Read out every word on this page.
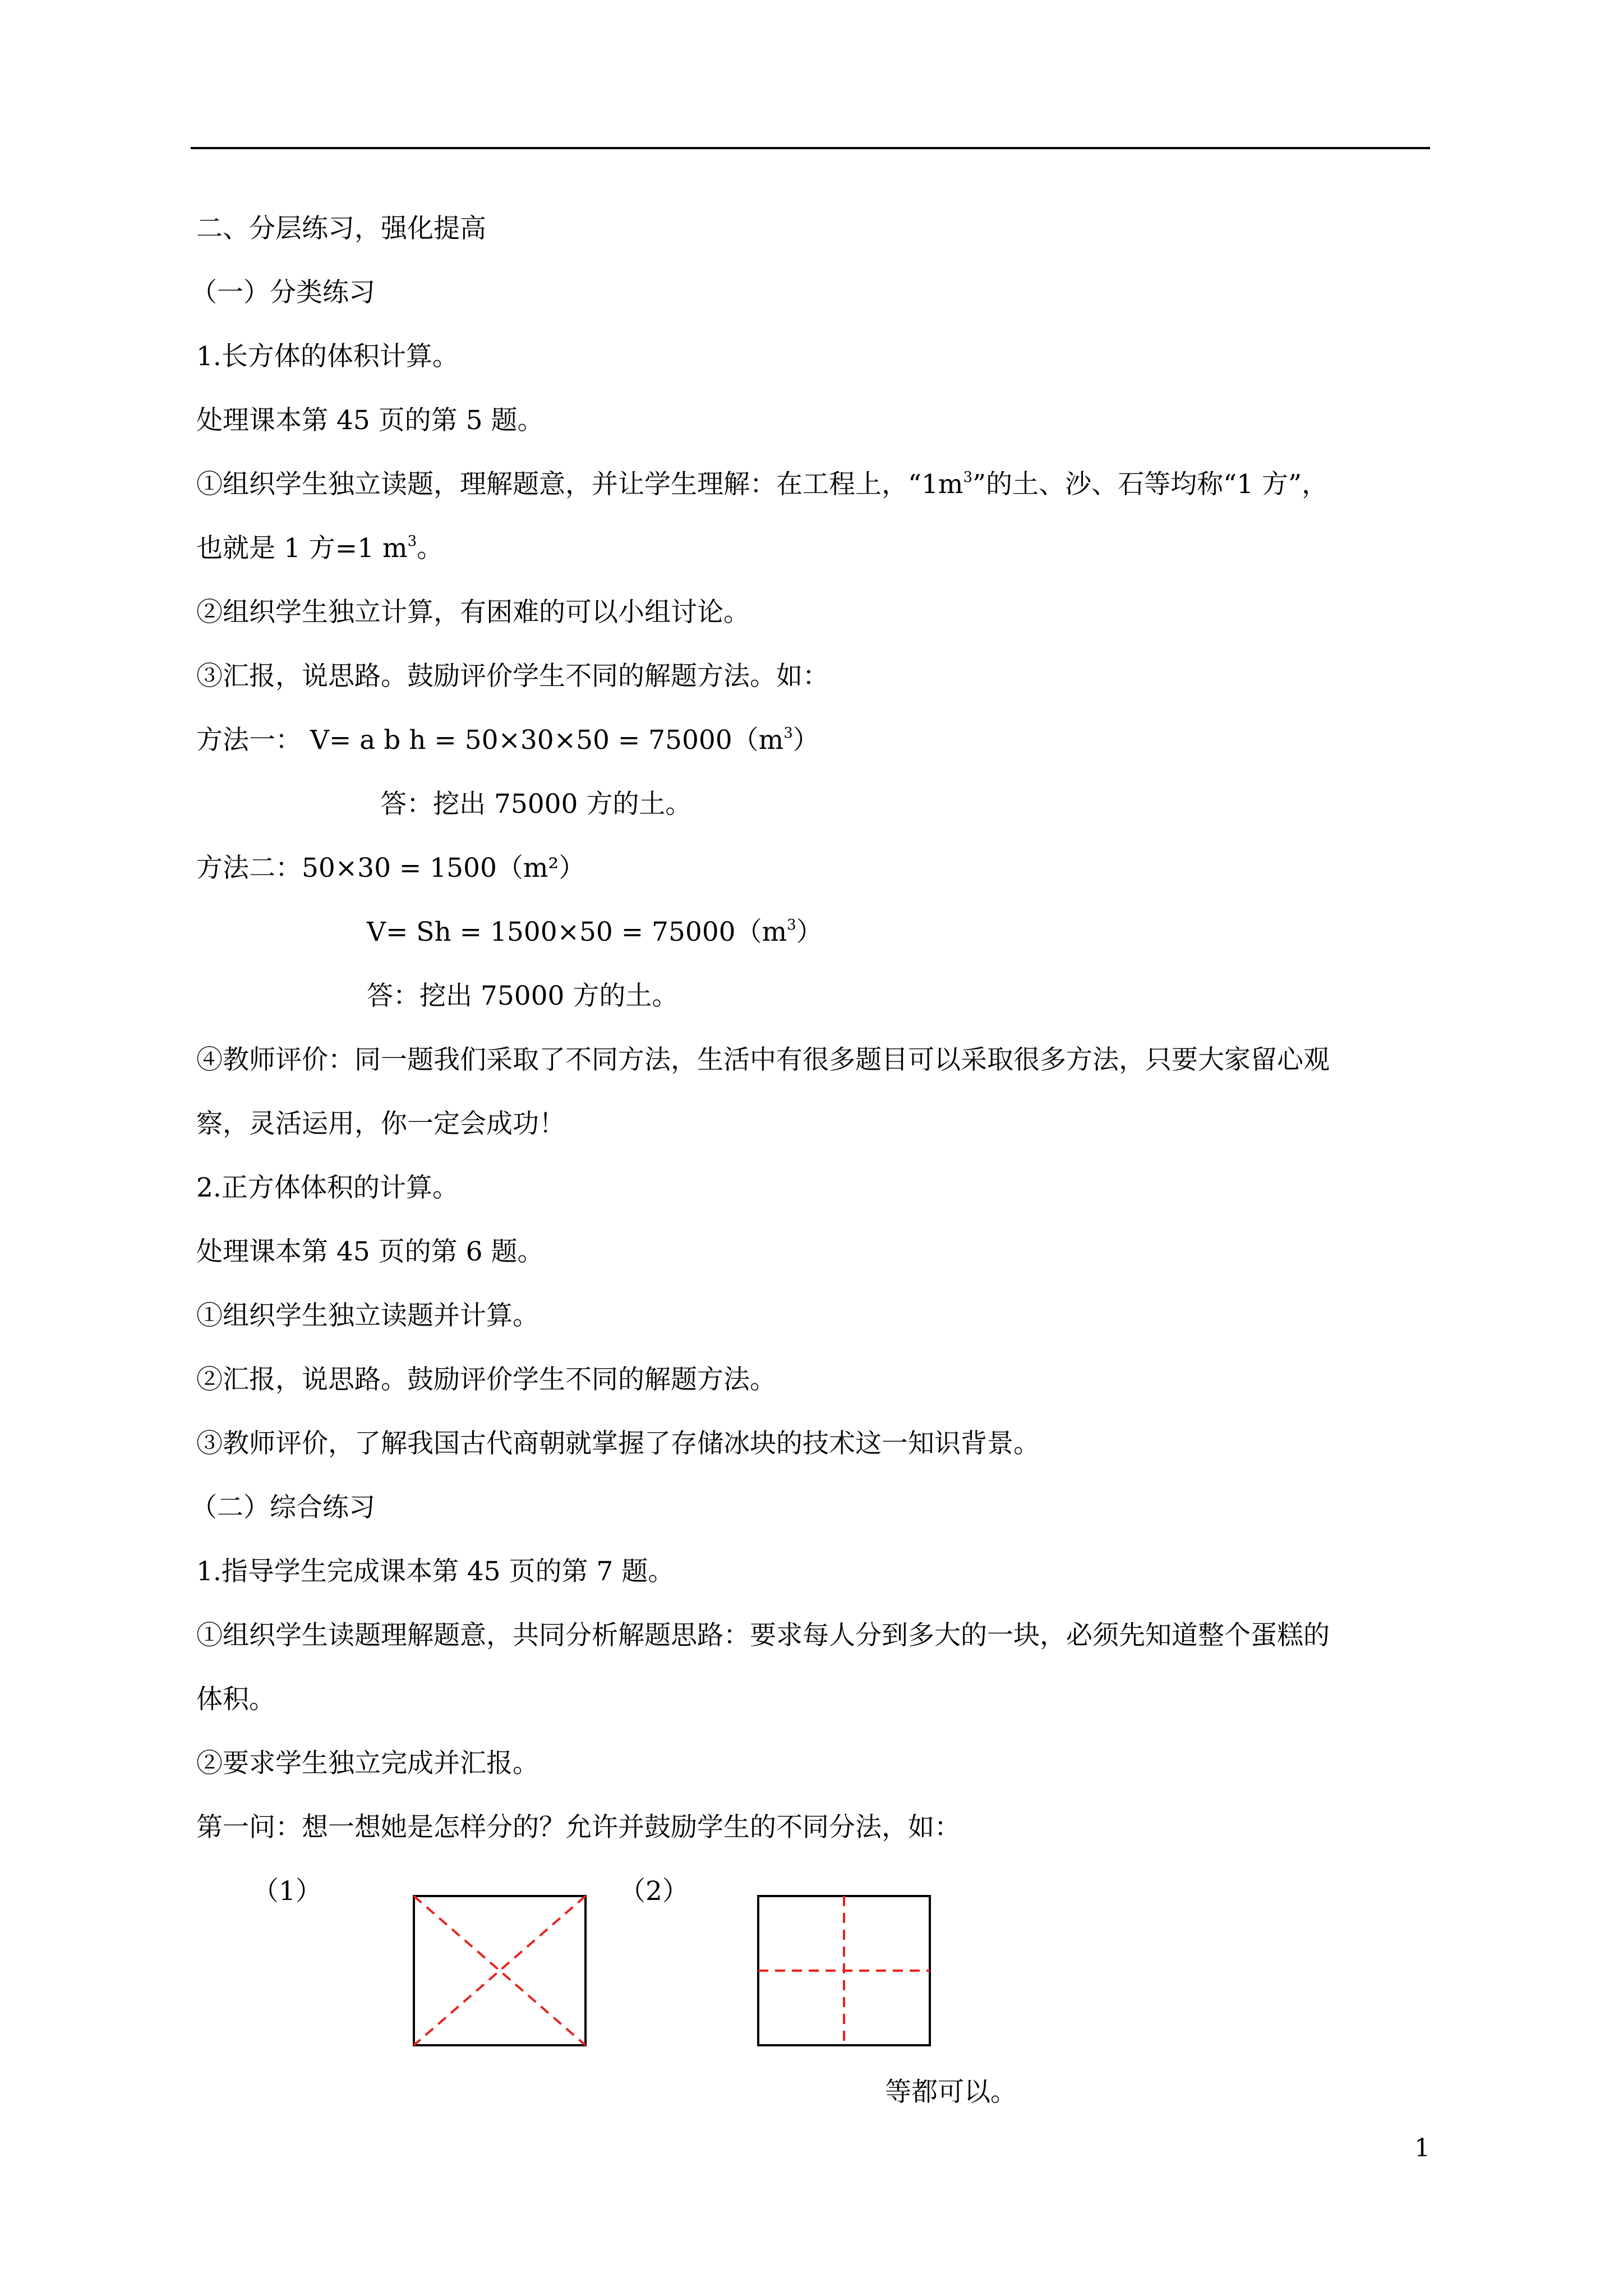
二、分层练习，强化提高
（一）分类练习
1.长方体的体积计算。
处理课本第 45 页的第 5 题。
①组织学生独立读题，理解题意，并让学生理解：在工程上，“$1m^3$”的土、沙、石等均称“1 方”，
也就是 1 方=1 $m^3$。
②组织学生独立计算，有困难的可以小组讨论。
③汇报，说思路。鼓励评价学生不同的解题方法。如：
方法一： V= a b $h = 50\times 30\times 50 = 75000(m^3)$
答：挖出 75000 方的土。
方法二：50×30 = 1500（m²）
$V= Sh = 1500\times 50 = 75000(m^3)$
答：挖出 75000 方的土。
④教师评价：同一题我们采取了不同方法，生活中有很多题目可以采取很多方法，只要大家留心观
察，灵活运用，你一定会成功！
2.正方体体积的计算。
处理课本第 45 页的第 6 题。
①组织学生独立读题并计算。
②汇报，说思路。鼓励评价学生不同的解题方法。
③教师评价，了解我国古代商朝就掌握了存储冰块的技术这一知识背景。
（二）综合练习
1.指导学生完成课本第 45 页的第 7 题。
①组织学生读题理解题意，共同分析解题思路：要求每人分到多大的一块，必须先知道整个蛋糕的
体积。
②要求学生独立完成并汇报。
第一问：想一想她是怎样分的？允许并鼓励学生的不同分法，如：
（1）	（2）
等都可以。
1
